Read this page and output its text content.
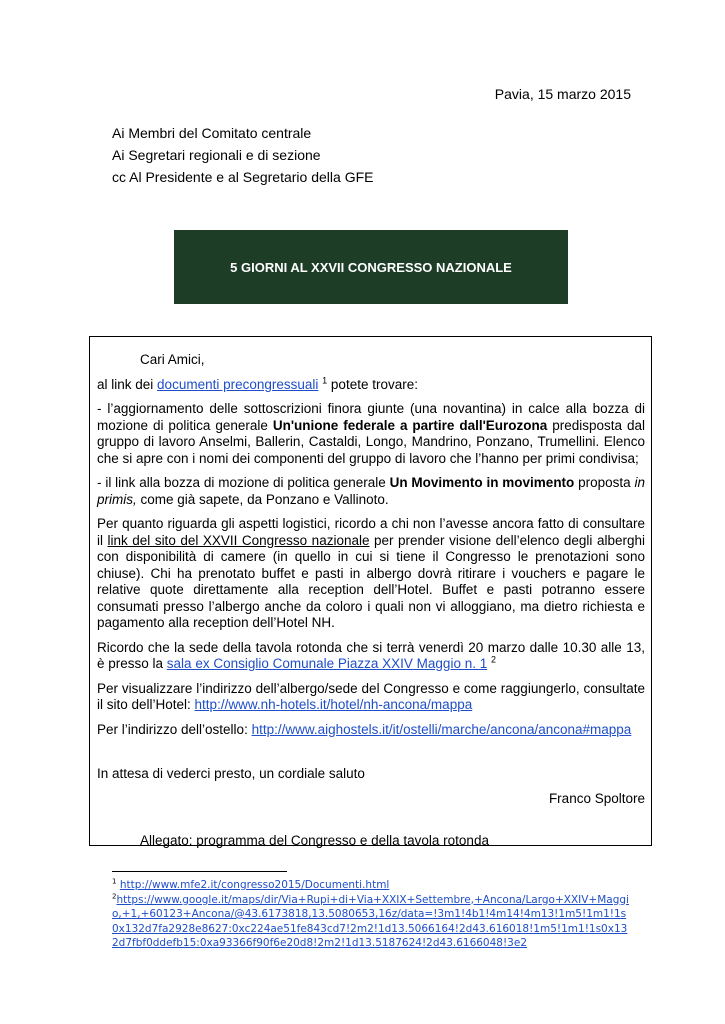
Pavia, 15 marzo 2015
Ai Membri del Comitato centrale
Ai Segretari regionali e di sezione
cc Al Presidente e al Segretario della GFE
5 GIORNI AL XXVII CONGRESSO NAZIONALE

Cari Amici,

al link dei documenti precongressuali $^1$ potete trovare:

- l’aggiornamento delle sottoscrizioni finora giunte (una novantina) in calce alla bozza di mozione di politica generale Un'unione federale a partire dall'Eurozona predisposta dal gruppo di lavoro Anselmi, Ballerin, Castaldi, Longo, Mandrino, Ponzano, Trumellini. Elenco che si apre con i nomi dei componenti del gruppo di lavoro che l’hanno per primi condivisa;

- il link alla bozza di mozione di politica generale Un Movimento in movimento proposta in primis, come già sapete, da Ponzano e Vallinoto.

Per quanto riguarda gli aspetti logistici, ricordo a chi non l’avesse ancora fatto di consultare il link del sito del XXVII Congresso nazionale per prender visione dell’elenco degli alberghi con disponibilità di camere (in quello in cui si tiene il Congresso le prenotazioni sono chiuse). Chi ha prenotato buffet e pasti in albergo dovrà ritirare i vouchers e pagare le relative quote direttamente alla reception dell’Hotel. Buffet e pasti potranno essere consumati presso l’albergo anche da coloro i quali non vi alloggiano, ma dietro richiesta e pagamento alla reception dell’Hotel NH.

Ricordo che la sede della tavola rotonda che si terrà venerdì 20 marzo dalle 10.30 alle 13, è presso la sala ex Consiglio Comunale Piazza XXIV Maggio n. 1 $^2$

Per visualizzare l’indirizzo dell’albergo/sede del Congresso e come raggiungerlo, consultate il sito dell’Hotel: http://www.nh-hotels.it/hotel/nh-ancona/mappa

Per l’indirizzo dell’ostello: http://www.aighostels.it/it/ostelli/marche/ancona/ancona#mappa

In attesa di vederci presto, un cordiale saluto

Franco Spoltore

Allegato: programma del Congresso e della tavola rotonda

$^1$ http://www.mfe2.it/congresso2015/Documenti.html
$^2$https://www.google.it/maps/dir/Via+Rupi+di+Via+XXIX+Settembre,+Ancona/Largo+XXIV+Maggio,+1,+60123+Ancona/@43.6173818,13.5080653,16z/data=!3m1!4b1!4m14!4m13!1m5!1m1!1s0x132d7fa2928e8627:0xc224ae51fe843cd7!2m2!1d13.5066164!2d43.616018!1m5!1m1!1s0x132d7fbf0ddefb15:0xa93366f90f6e20d8!2m2!1d13.5187624!2d43.6166048!3e2
